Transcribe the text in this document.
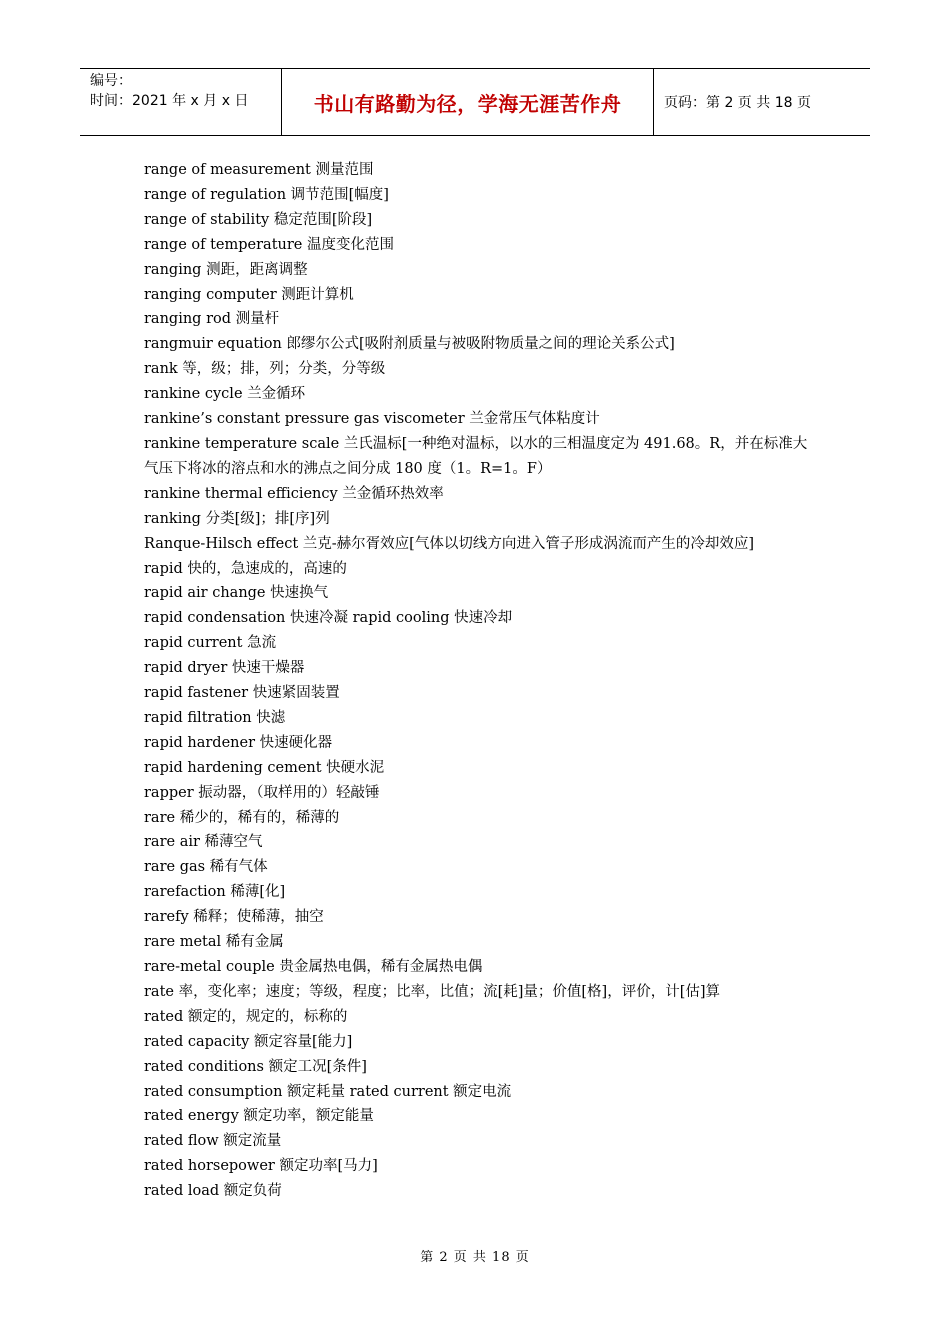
编号：
时间：2021 年 x 月 x 日	书山有路勤为径，学海无涯苦作舟	页码：第 2 页 共 18 页

range of measurement 测量范围

range of regulation 调节范围[幅度]

range of stability 稳定范围[阶段]

range of temperature 温度变化范围

ranging 测距，距离调整

ranging computer 测距计算机

ranging rod 测量杆

rangmuir equation 郎缪尔公式[吸附剂质量与被吸附物质量之间的理论关系公式]

rank 等，级；排，列；分类，分等级

rankine cycle 兰金循环

rankine’s constant pressure gas viscometer 兰金常压气体粘度计

rankine temperature scale 兰氏温标[一种绝对温标，以水的三相温度定为 491.68。R，并在标准大气压下将冰的溶点和水的沸点之间分成 180 度（1。R=1。F）

rankine thermal efficiency 兰金循环热效率

ranking 分类[级]；排[序]列

Ranque-Hilsch effect 兰克-赫尔胥效应[气体以切线方向进入管子形成涡流而产生的冷却效应]

rapid 快的，急速成的，高速的

rapid air change 快速换气

rapid condensation 快速冷凝 rapid cooling 快速冷却

rapid current 急流

rapid dryer 快速干燥器

rapid fastener 快速紧固装置

rapid filtration 快滤

rapid hardener 快速硬化器

rapid hardening cement 快硬水泥

rapper 振动器，（取样用的）轻敲锤

rare 稀少的，稀有的，稀薄的

rare air 稀薄空气

rare gas 稀有气体

rarefaction 稀薄[化]

rarefy 稀释；使稀薄，抽空

rare metal 稀有金属

rare-metal couple 贵金属热电偶，稀有金属热电偶

rate 率，变化率；速度；等级，程度；比率，比值；流[耗]量；价值[格]，评价，计[估]算

rated 额定的，规定的，标称的

rated capacity 额定容量[能力]

rated conditions 额定工况[条件]

rated consumption 额定耗量 rated current 额定电流

rated energy 额定功率，额定能量

rated flow 额定流量

rated horsepower 额定功率[马力]

rated load 额定负荷

第 2 页 共 18 页
